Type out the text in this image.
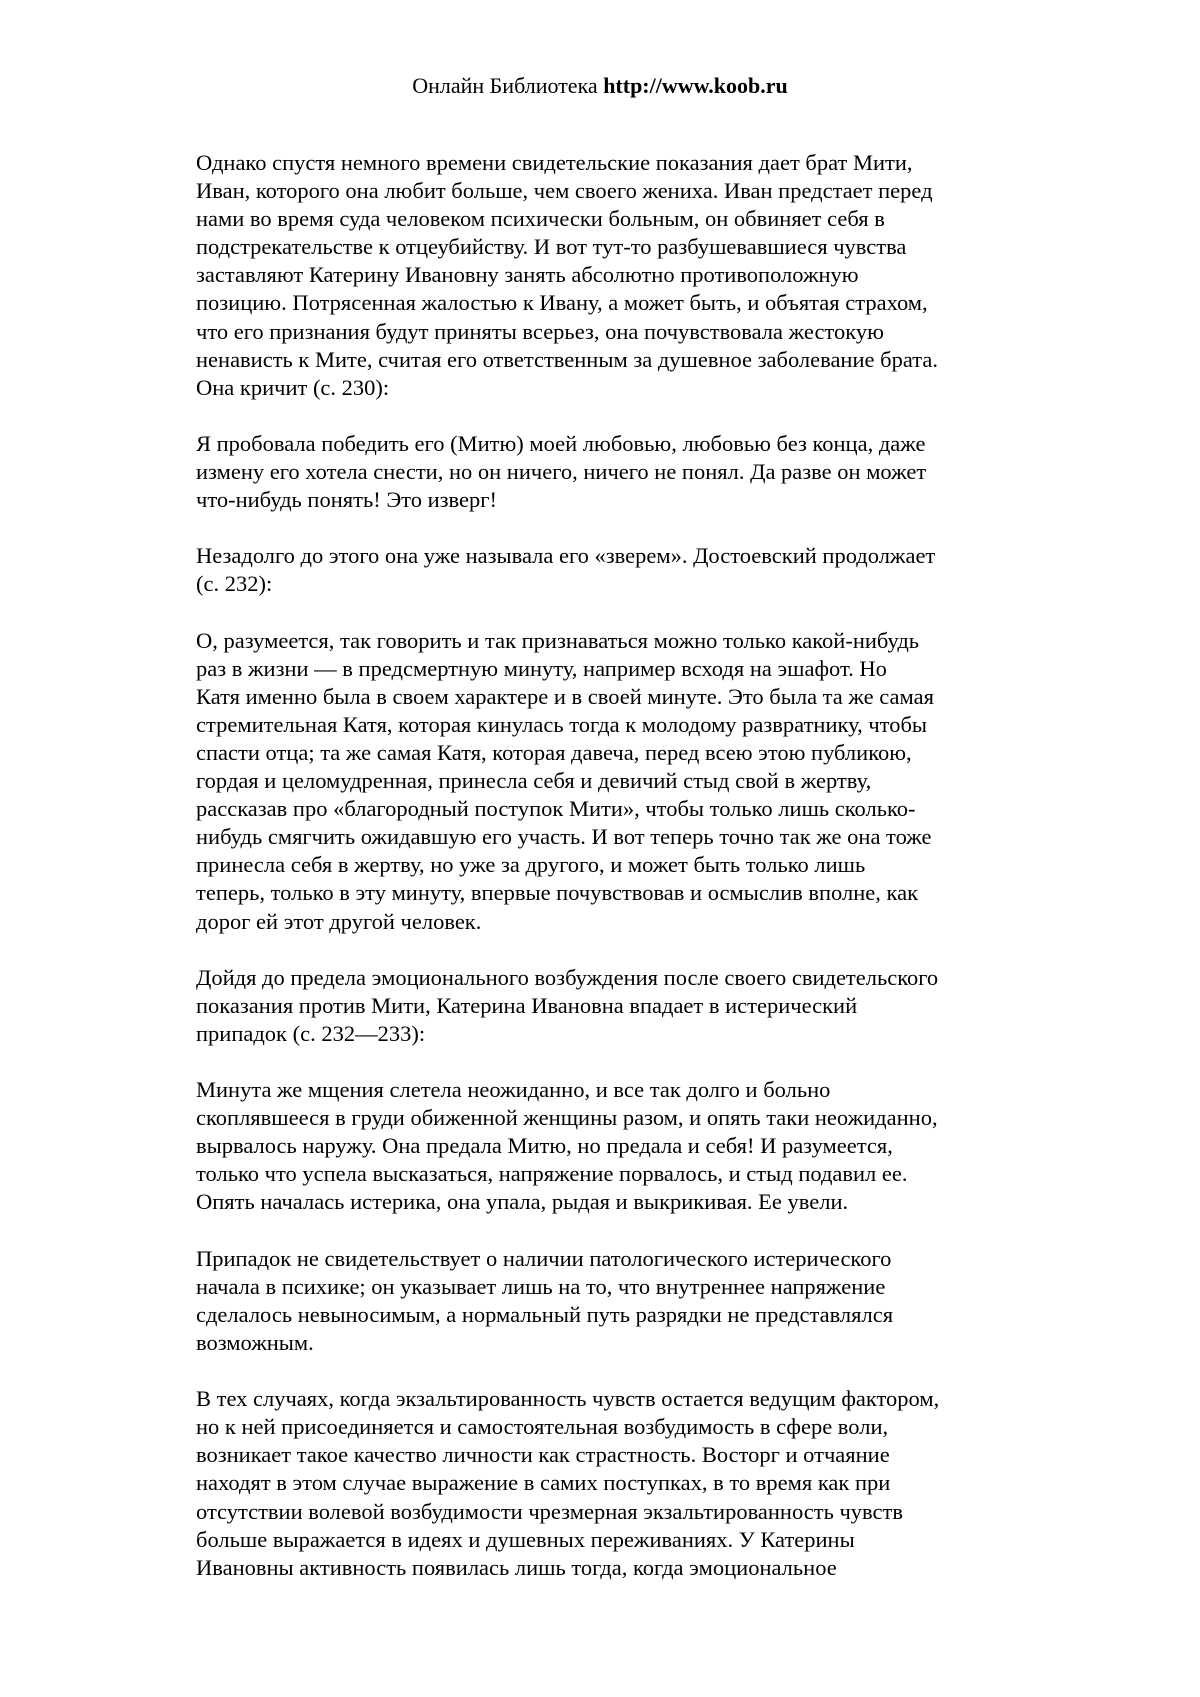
Онлайн Библиотека http://www.koob.ru

Однако спустя немного времени свидетельские показания дает брат Мити,
Иван, которого она любит больше, чем своего жениха. Иван предстает перед
нами во время суда человеком психически больным, он обвиняет себя в
подстрекательстве к отцеубийству. И вот тут-то разбушевавшиеся чувства
заставляют Катерину Ивановну занять абсолютно противоположную
позицию. Потрясенная жалостью к Ивану, а может быть, и объятая страхом,
что его признания будут приняты всерьез, она почувствовала жестокую
ненависть к Мите, считая его ответственным за душевное заболевание брата.
Она кричит (с. 230):

Я пробовала победить его (Митю) моей любовью, любовью без конца, даже
измену его хотела снести, но он ничего, ничего не понял. Да разве он может
что-нибудь понять! Это изверг!

Незадолго до этого она уже называла его «зверем». Достоевский продолжает
(с. 232):

О, разумеется, так говорить и так признаваться можно только какой-нибудь
раз в жизни — в предсмертную минуту, например всходя на эшафот. Но
Катя именно была в своем характере и в своей минуте. Это была та же самая
стремительная Катя, которая кинулась тогда к молодому развратнику, чтобы
спасти отца; та же самая Катя, которая давеча, перед всею этою публикою,
гордая и целомудренная, принесла себя и девичий стыд свой в жертву,
рассказав про «благородный поступок Мити», чтобы только лишь сколько-
нибудь смягчить ожидавшую его участь. И вот теперь точно так же она тоже
принесла себя в жертву, но уже за другого, и может быть только лишь
теперь, только в эту минуту, впервые почувствовав и осмыслив вполне, как
дорог ей этот другой человек.

Дойдя до предела эмоционального возбуждения после своего свидетельского
показания против Мити, Катерина Ивановна впадает в истерический
припадок (с. 232—233):

Минута же мщения слетела неожиданно, и все так долго и больно
скоплявшееся в груди обиженной женщины разом, и опять таки неожиданно,
вырвалось наружу. Она предала Митю, но предала и себя! И разумеется,
только что успела высказаться, напряжение порвалось, и стыд подавил ее.
Опять началась истерика, она упала, рыдая и выкрикивая. Ее увели.

Припадок не свидетельствует о наличии патологического истерического
начала в психике; он указывает лишь на то, что внутреннее напряжение
сделалось невыносимым, а нормальный путь разрядки не представлялся
возможным.

В тех случаях, когда экзальтированность чувств остается ведущим фактором,
но к ней присоединяется и самостоятельная возбудимость в сфере воли,
возникает такое качество личности как страстность. Восторг и отчаяние
находят в этом случае выражение в самих поступках, в то время как при
отсутствии волевой возбудимости чрезмерная экзальтированность чувств
больше выражается в идеях и душевных переживаниях. У Катерины
Ивановны активность появилась лишь тогда, когда эмоциональное
